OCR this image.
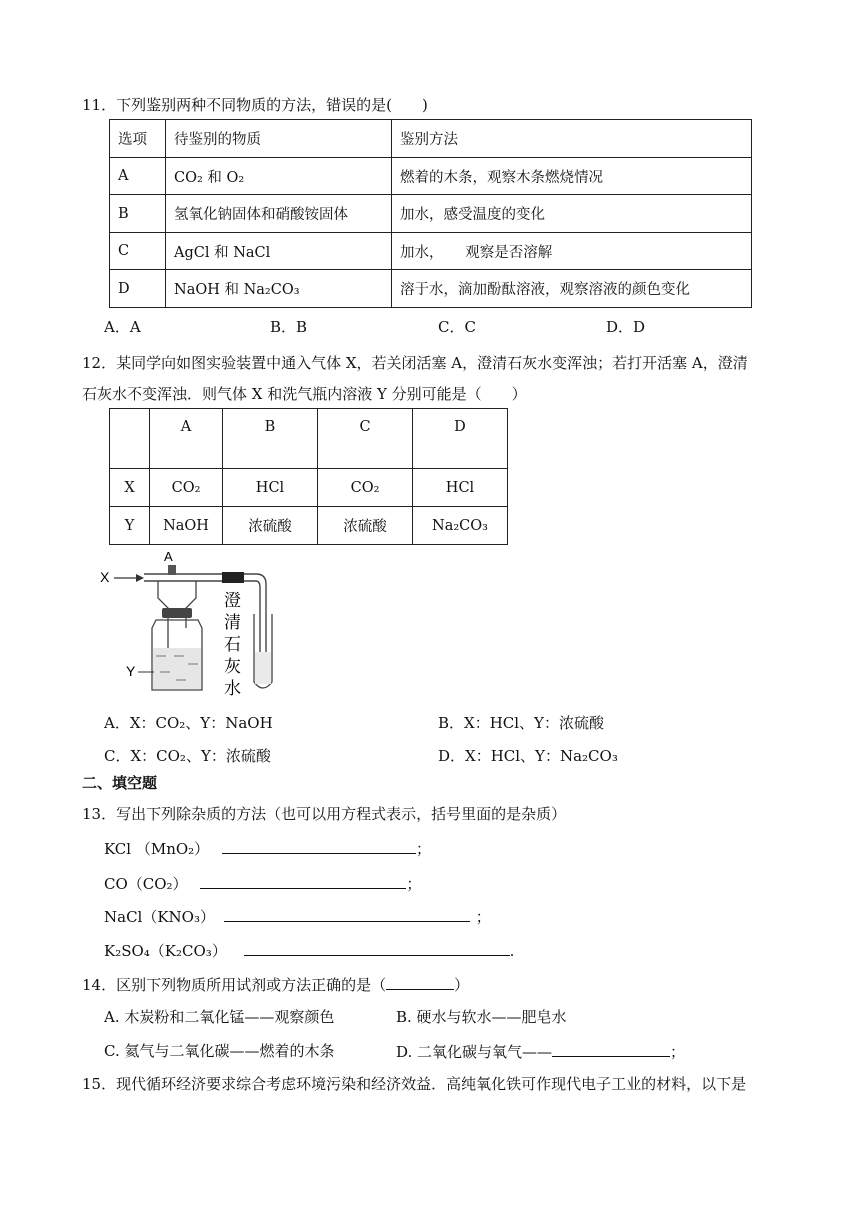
11．下列鉴别两种不同物质的方法，错误的是(　　)
选项	待鉴别的物质	鉴别方法
A	CO₂ 和 O₂	燃着的木条，观察木条燃烧情况
B	氢氧化钠固体和硝酸铵固体	加水，感受温度的变化
C	AgCl 和 NaCl	加水，　　观察是否溶解
D	NaOH 和 Na₂CO₃	溶于水，滴加酚酞溶液，观察溶液的颜色变化
A．A	B．B	C．C	D．D
12．某同学向如图实验装置中通入气体 X，若关闭活塞 A，澄清石灰水变浑浊；若打开活塞 A，澄清
石灰水不变浑浊．则气体 X 和洗气瓶内溶液 Y 分别可能是（　　）
	A	B	C	D
X	CO₂	HCl	CO₂	HCl
Y	NaOH	浓硫酸	浓硫酸	Na₂CO₃
X
A
Y
澄
清
石
灰
水
A．X：CO₂、Y：NaOH	B．X：HCl、Y：浓硫酸
C．X：CO₂、Y：浓硫酸	D．X：HCl、Y：Na₂CO₃
二、填空题
13．写出下列除杂质的方法（也可以用方程式表示，括号里面的是杂质）
KCl （MnO₂）	；
CO（CO₂）	；
NaCl（KNO₃）	；
K₂SO₄（K₂CO₃）	.
14．区别下列物质所用试剂或方法正确的是（	）
A. 木炭粉和二氧化锰——观察颜色	B. 硬水与软水——肥皂水
C. 氦气与二氧化碳——燃着的木条	D. 二氧化碳与氧气——	；
15．现代循环经济要求综合考虑环境污染和经济效益．高纯氧化铁可作现代电子工业的材料，以下是
